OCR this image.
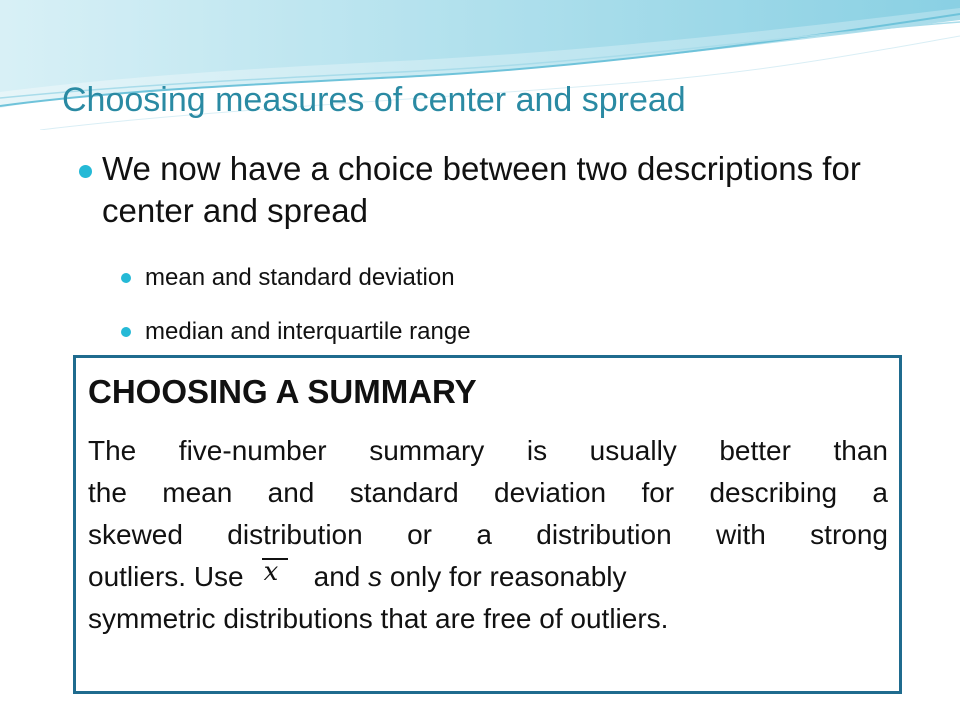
Choosing measures of center and spread
We now have a choice between two descriptions for center and spread
mean and standard deviation
median and interquartile range
CHOOSING A SUMMARY
The five-number summary is usually better than
the mean and standard deviation for describing a
skewed distribution or a distribution with strong
outliers. Use x and s only for reasonably
symmetric distributions that are free of outliers.
